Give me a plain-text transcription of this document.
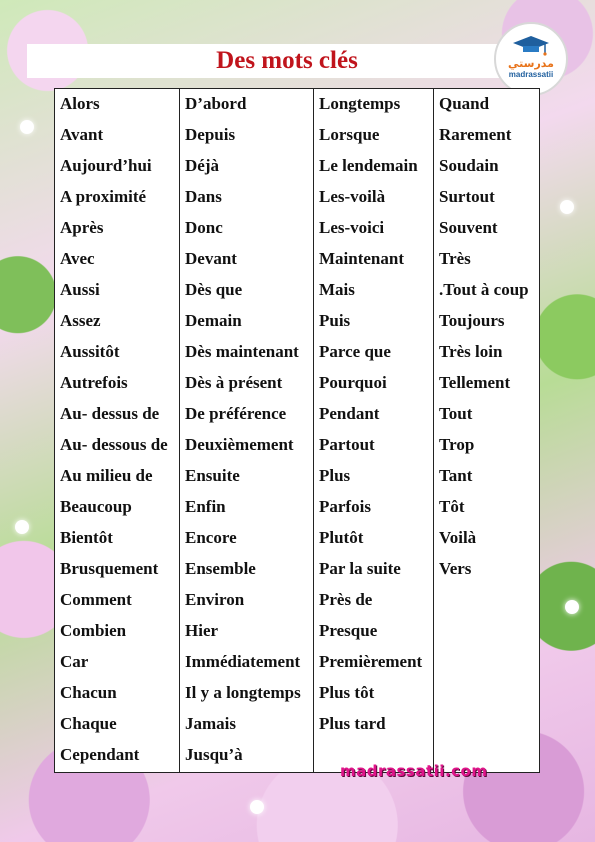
Des mots clés	مدرستي
madrassatii
Alors
Avant
Aujourd’hui
A proximité
Après
Avec
Aussi
Assez
Aussitôt
Autrefois
Au- dessus de
Au- dessous de
Au milieu de
Beaucoup
Bientôt
Brusquement
Comment
Combien
Car
Chacun
Chaque
Cependant
D’abord
Depuis
Déjà
Dans
Donc
Devant
Dès que
Demain
Dès maintenant
Dès à présent
De préférence
Deuxièmement
Ensuite
Enfin
Encore
Ensemble
Environ
Hier
Immédiatement
Il y a longtemps
Jamais
Jusqu’à
Longtemps
Lorsque
Le lendemain
Les-voilà
Les-voici
Maintenant
Mais
Puis
Parce que
Pourquoi
Pendant
Partout
Plus
Parfois
Plutôt
Par la suite
Près de
Presque
Premièrement
Plus tôt
Plus tard
Quand
Rarement
Soudain
Surtout
Souvent
Très
.Tout à coup
Toujours
Très loin
Tellement
Tout
Trop
Tant
Tôt
Voilà
Vers
madrassatii.com
